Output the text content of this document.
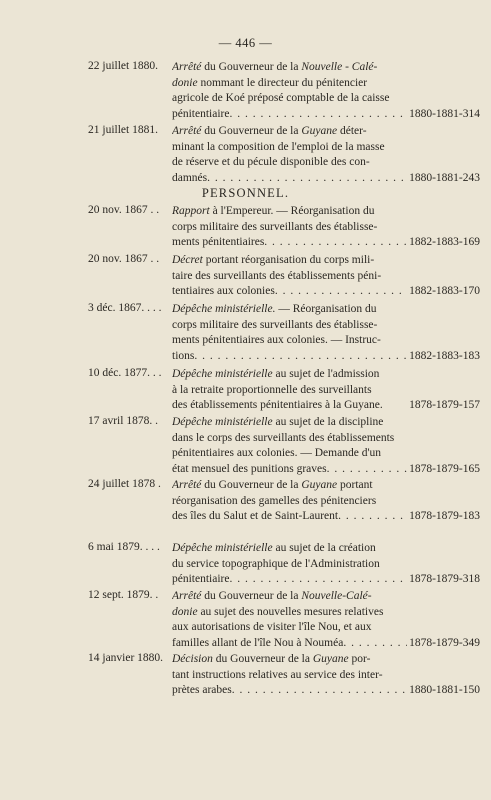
— 446 —
PERSONNEL.
22 juillet 1880. Arrêté du Gouverneur de la Nouvelle - Calé-
donie nommant le directeur du pénitencier
agricole de Koé préposé comptable de la caisse
pénitentiaire . . .	1880-1881-314
21 juillet 1881. Arrêté du Gouverneur de la Guyane déter-
minant la composition de l'emploi de la masse
de réserve et du pécule disponible des con-
damnés . . .	1880-1881-243
20 nov. 1867 . . Rapport à l'Empereur. — Réorganisation du
corps militaire des surveillants des établisse-
ments pénitentiaires . . .	1882-1883-169
20 nov. 1867 . . Décret portant réorganisation du corps mili-
taire des surveillants des établissements péni-
tentiaires aux colonies . . .	1882-1883-170
3 déc. 1867. . . . Dépêche ministérielle. — Réorganisation du
corps militaire des surveillants des établisse-
ments pénitentiaires aux colonies. — Instruc-
tions . . .	1882-1883-183
10 déc. 1877. . . Dépêche ministérielle au sujet de l'admission
à la retraite proportionnelle des surveillants
des établissements pénitentiaires à la Guyane. 1878-1879-157
17 avril 1878. . Dépêche ministérielle au sujet de la discipline
dans le corps des surveillants des établissements
pénitentiaires aux colonies. — Demande d'un
état mensuel des punitions graves . . .	1878-1879-165
24 juillet 1878 . Arrêté du Gouverneur de la Guyane portant
réorganisation des gamelles des pénitenciers
des îles du Salut et de Saint-Laurent . . .	1878-1879-183
6 mai 1879. . . . Dépêche ministérielle au sujet de la création
du service topographique de l'Administration
pénitentiaire . . .	1878-1879-318
12 sept. 1879. . Arrêté du Gouverneur de la Nouvelle-Calé-
donie au sujet des nouvelles mesures relatives
aux autorisations de visiter l'île Nou, et aux
familles allant de l'île Nou à Nouméa . . .	1878-1879-349
14 janvier 1880. Décision du Gouverneur de la Guyane por-
tant instructions relatives au service des inter-
prètes arabes . . .	1880-1881-150
